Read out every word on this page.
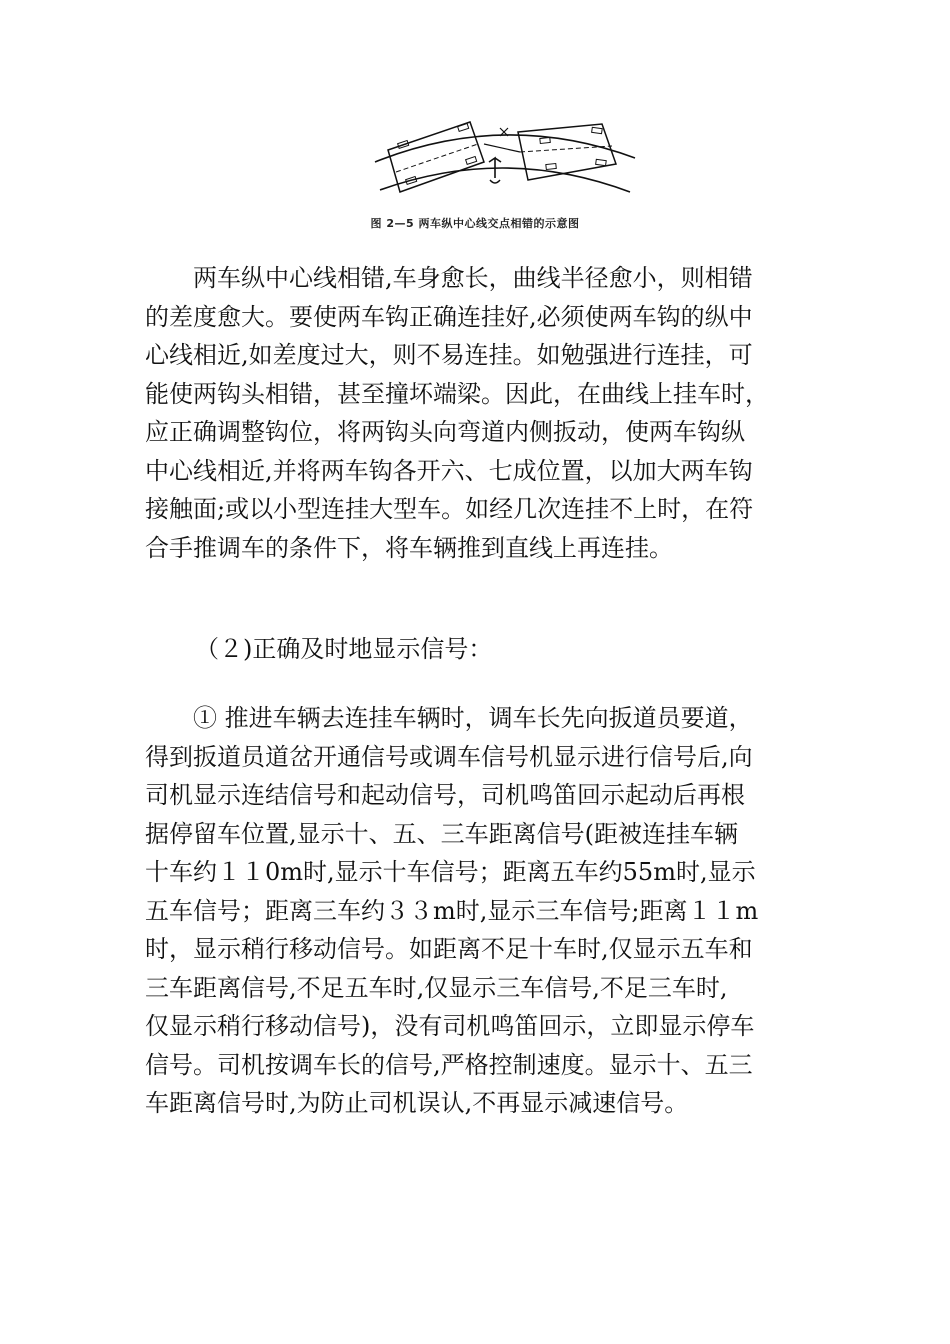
图 2—5 两车纵中心线交点相错的示意图
两车纵中心线相错,车身愈长，曲线半径愈小，则相错
的差度愈大。要使两车钩正确连挂好,必须使两车钩的纵中
心线相近,如差度过大，则不易连挂。如勉强进行连挂，可
能使两钩头相错，甚至撞坏端梁。因此，在曲线上挂车时，
应正确调整钩位，将两钩头向弯道内侧扳动，使两车钩纵
中心线相近,并将两车钩各开六、七成位置，以加大两车钩
接触面;或以小型连挂大型车。如经几次连挂不上时，在符
合手推调车的条件下，将车辆推到直线上再连挂。

（２)正确及时地显示信号：

① 推进车辆去连挂车辆时，调车长先向扳道员要道，
得到扳道员道岔开通信号或调车信号机显示进行信号后,向
司机显示连结信号和起动信号，司机鸣笛回示起动后再根
据停留车位置,显示十、五、三车距离信号(距被连挂车辆
十车约１１0m时,显示十车信号；距离五车约55m时,显示
五车信号；距离三车约３３m时,显示三车信号;距离１１m
时，显示稍行移动信号。如距离不足十车时,仅显示五车和
三车距离信号,不足五车时,仅显示三车信号,不足三车时,
仅显示稍行移动信号)，没有司机鸣笛回示，立即显示停车
信号。司机按调车长的信号,严格控制速度。显示十、五三
车距离信号时,为防止司机误认,不再显示减速信号。
